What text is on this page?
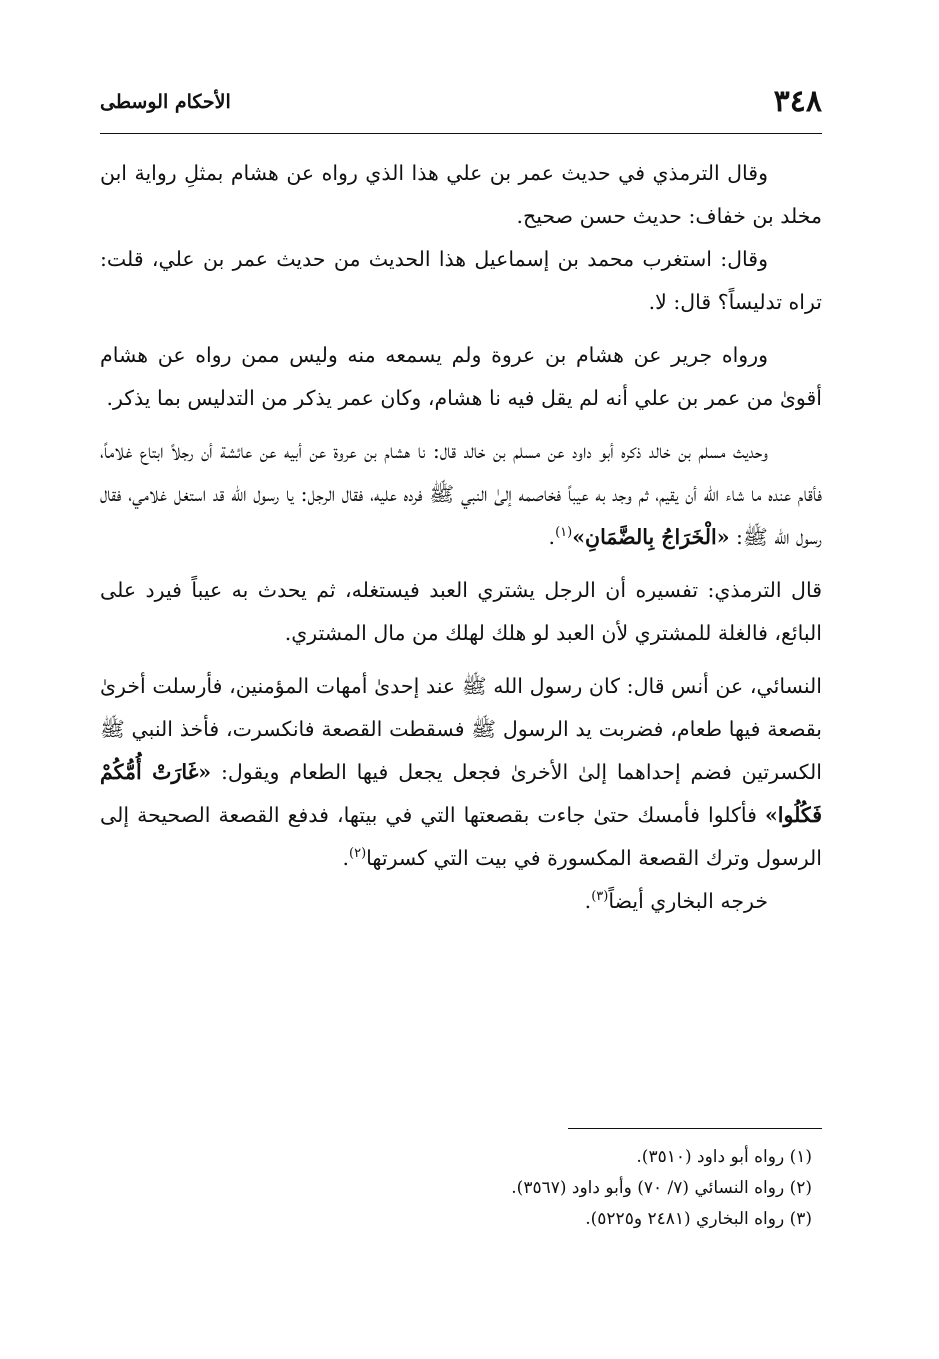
٣٤٨
الأحكام الوسطى

وقال الترمذي في حديث عمر بن علي هذا الذي رواه عن هشام بمثلِ رواية ابن مخلد بن خفاف: حديث حسن صحيح.

وقال: استغرب محمد بن إسماعيل هذا الحديث من حديث عمر بن علي، قلت: تراه تدليساً؟ قال: لا.

ورواه جرير عن هشام بن عروة ولم يسمعه منه وليس ممن رواه عن هشام أقوىٰ من عمر بن علي أنه لم يقل فيه نا هشام، وكان عمر يذكر من التدليس بما يذكر.

وحديث مسلم بن خالد ذكره أبو داود عن مسلم بن خالد قال: نا هشام بن عروة عن أبيه عن عائشة أن رجلاً ابتاع غلاماً، فأقام عنده ما شاء الله أن يقيم، ثم وجد به عيباً فخاصمه إلىٰ النبي ﷺ فرده عليه، فقال الرجل: يا رسول الله قد استغل غلامي، فقال رسول الله ﷺ: «الْخَرَاجُ بِالضَّمَانِ»$^{(١)}$.

قال الترمذي: تفسيره أن الرجل يشتري العبد فيستغله، ثم يحدث به عيباً فيرد على البائع، فالغلة للمشتري لأن العبد لو هلك لهلك من مال المشتري.

النسائي، عن أنس قال: كان رسول الله ﷺ عند إحدىٰ أمهات المؤمنين، فأرسلت أخرىٰ بقصعة فيها طعام، فضربت يد الرسول ﷺ فسقطت القصعة فانكسرت، فأخذ النبي ﷺ الكسرتين فضم إحداهما إلىٰ الأخرىٰ فجعل يجعل فيها الطعام ويقول: «غَارَتْ أُمُّكُمْ فَكُلُوا» فأكلوا فأمسك حتىٰ جاءت بقصعتها التي في بيتها، فدفع القصعة الصحيحة إلى الرسول وترك القصعة المكسورة في بيت التي كسرتها$^{(٢)}$.

خرجه البخاري أيضاً$^{(٣)}$.

(١) رواه أبو داود (٣٥١٠).
(٢) رواه النسائي (٧/ ٧٠) وأبو داود (٣٥٦٧).
(٣) رواه البخاري (٢٤٨١ و٥٢٢٥).
